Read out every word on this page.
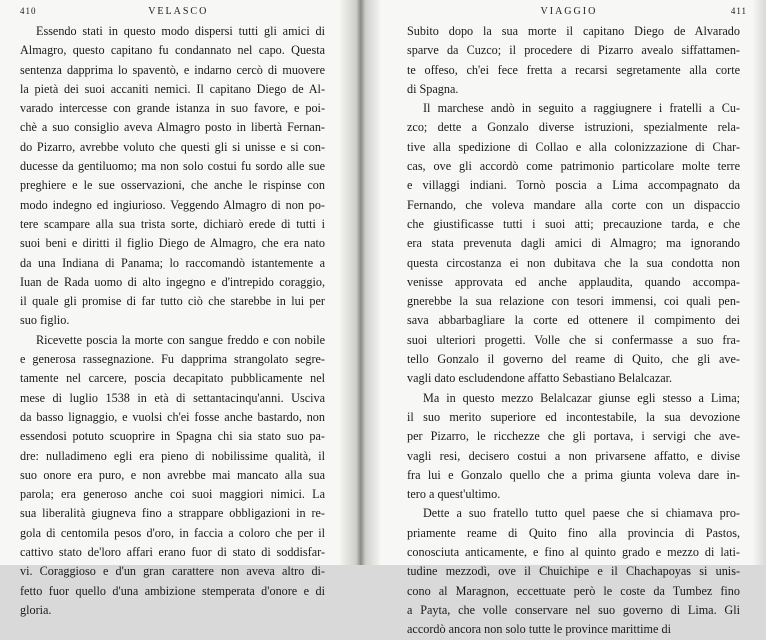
410	VELASCO

Essendo stati in questo modo dispersi tutti gli amici di
Almagro, questo capitano fu condannato nel capo. Questa
sentenza dapprima lo spaventò, e indarno cercò di muovere
la pietà dei suoi accaniti nemici. Il capitano Diego de Al-
varado intercesse con grande istanza in suo favore, e poi-
chè a suo consiglio aveva Almagro posto in libertà Fernan-
do Pizarro, avrebbe voluto che questi gli si unisse e si con-
ducesse da gentiluomo; ma non solo costui fu sordo alle sue
preghiere e le sue osservazioni, che anche le rispinse con
modo indegno ed ingiurioso. Veggendo Almagro di non po-
tere scampare alla sua trista sorte, dichiarò erede di tutti i
suoi beni e diritti il figlio Diego de Almagro, che era nato
da una Indiana di Panama; lo raccomandò istantemente a
Iuan de Rada uomo di alto ingegno e d'intrepido coraggio,
il quale gli promise di far tutto ciò che starebbe in lui per
suo figlio.

Ricevette poscia la morte con sangue freddo e con nobile
e generosa rassegnazione. Fu dapprima strangolato segre-
tamente nel carcere, poscia decapitato pubblicamente nel
mese di luglio 1538 in età di settantacinqu'anni. Usciva
da basso lignaggio, e vuolsi ch'ei fosse anche bastardo, non
essendosi potuto scuoprire in Spagna chi sia stato suo pa-
dre: nulladimeno egli era pieno di nobilissime qualità, il
suo onore era puro, e non avrebbe mai mancato alla sua
parola; era generoso anche coi suoi maggiori nimici. La
sua liberalità giugneva fino a strappare obbligazioni in re-
gola di centomila pesos d'oro, in faccia a coloro che per il
cattivo stato de'loro affari erano fuor di stato di soddisfar-
vi. Coraggioso e d'un gran carattere non aveva altro di-
fetto fuor quello d'una ambizione stemperata d'onore e di
gloria.

VIAGGIO	411

Subito dopo la sua morte il capitano Diego de Alvarado
sparve da Cuzco; il procedere di Pizarro avealo siffattamen-
te offeso, ch'ei fece fretta a recarsi segretamente alla corte
di Spagna.

Il marchese andò in seguito a raggiugnere i fratelli a Cu-
zco; dette a Gonzalo diverse istruzioni, spezialmente rela-
tive alla spedizione di Collao e alla colonizzazione di Char-
cas, ove gli accordò come patrimonio particolare molte terre
e villaggi indiani. Tornò poscia a Lima accompagnato da
Fernando, che voleva mandare alla corte con un dispaccio
che giustificasse tutti i suoi atti; precauzione tarda, e che
era stata prevenuta dagli amici di Almagro; ma ignorando
questa circostanza ei non dubitava che la sua condotta non
venisse approvata ed anche applaudita, quando accompa-
gnerebbe la sua relazione con tesori immensi, coi quali pen-
sava abbarbagliare la corte ed ottenere il compimento dei
suoi ulteriori progetti. Volle che si confermasse a suo fra-
tello Gonzalo il governo del reame di Quito, che gli ave-
vagli dato escludendone affatto Sebastiano Belalcazar.

Ma in questo mezzo Belalcazar giunse egli stesso a Lima;
il suo merito superiore ed incontestabile, la sua devozione
per Pizarro, le ricchezze che gli portava, i servigi che ave-
vagli resi, decisero costui a non privarsene affatto, e divise
fra lui e Gonzalo quello che a prima giunta voleva dare in-
tero a quest'ultimo.

Dette a suo fratello tutto quel paese che si chiamava pro-
priamente reame di Quito fino alla provincia di Pastos,
conosciuta anticamente, e fino al quinto grado e mezzo di lati-
tudine mezzodì, ove il Chuichipe e il Chachapoyas si unis-
cono al Maragnon, eccettuate però le coste da Tumbez fino
a Payta, che volle conservare nel suo governo di Lima. Gli
accordò ancora non solo tutte le province marittime di
